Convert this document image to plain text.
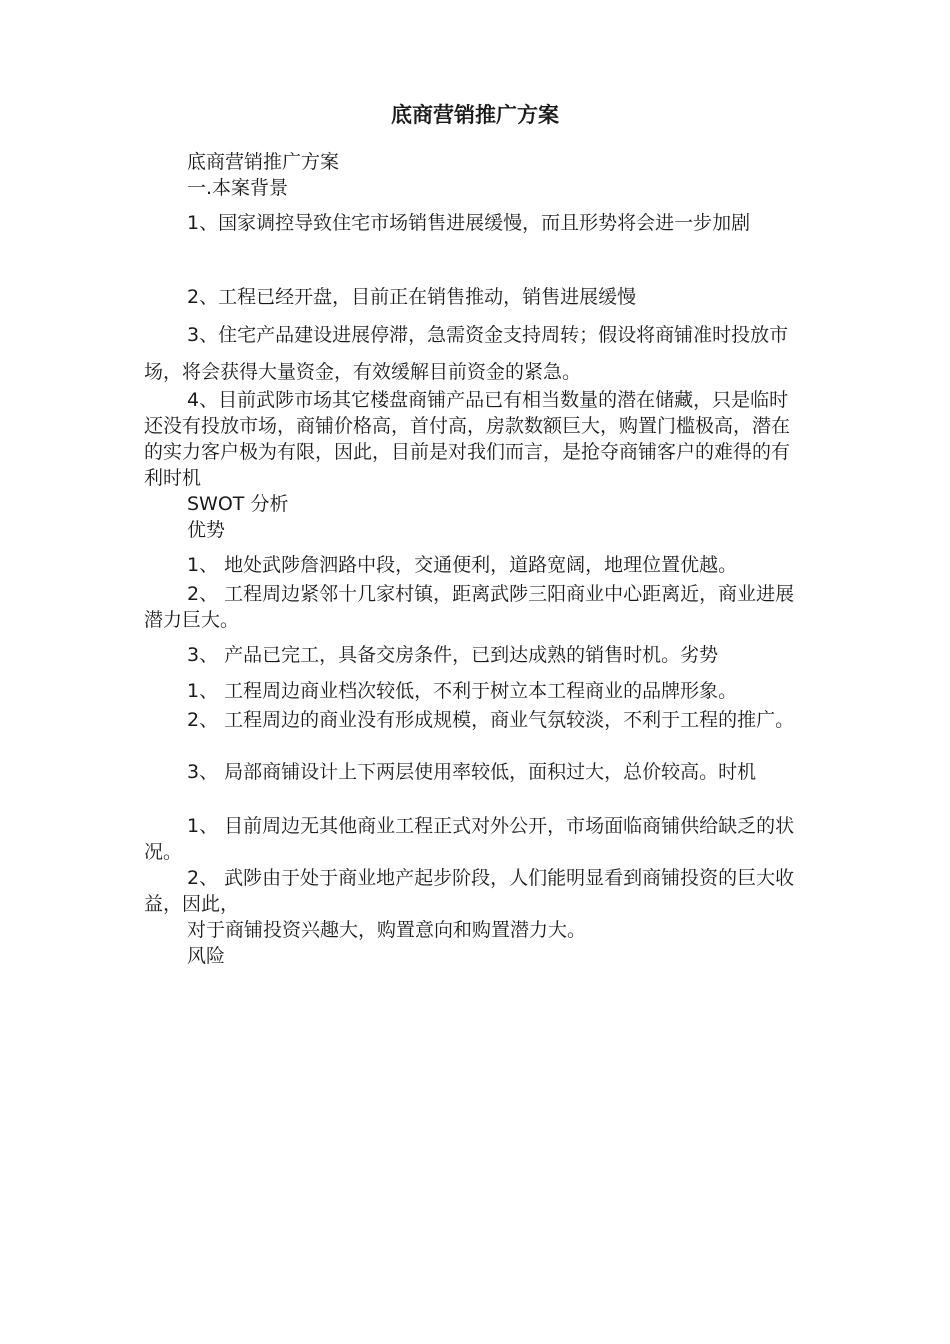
底商营销推广方案
底商营销推广方案
一.本案背景
1、国家调控导致住宅市场销售进展缓慢，而且形势将会进一步加剧
2、工程已经开盘，目前正在销售推动，销售进展缓慢
3、住宅产品建设进展停滞，急需资金支持周转；假设将商铺准时投放市场，将会获得大量资金，有效缓解目前资金的紧急。
4、目前武陟市场其它楼盘商铺产品已有相当数量的潜在储藏，只是临时还没有投放市场，商铺价格高，首付高，房款数额巨大，购置门槛极高，潜在的实力客户极为有限，因此，目前是对我们而言，是抢夺商铺客户的难得的有利时机
SWOT 分析
优势
1、 地处武陟詹泗路中段，交通便利，道路宽阔，地理位置优越。
2、 工程周边紧邻十几家村镇，距离武陟三阳商业中心距离近，商业进展潜力巨大。
3、 产品已完工，具备交房条件，已到达成熟的销售时机。劣势
1、 工程周边商业档次较低，不利于树立本工程商业的品牌形象。
2、 工程周边的商业没有形成规模，商业气氛较淡，不利于工程的推广。
3、 局部商铺设计上下两层使用率较低，面积过大，总价较高。时机
1、 目前周边无其他商业工程正式对外公开，市场面临商铺供给缺乏的状况。
2、 武陟由于处于商业地产起步阶段，人们能明显看到商铺投资的巨大收益，因此，
对于商铺投资兴趣大，购置意向和购置潜力大。
风险
